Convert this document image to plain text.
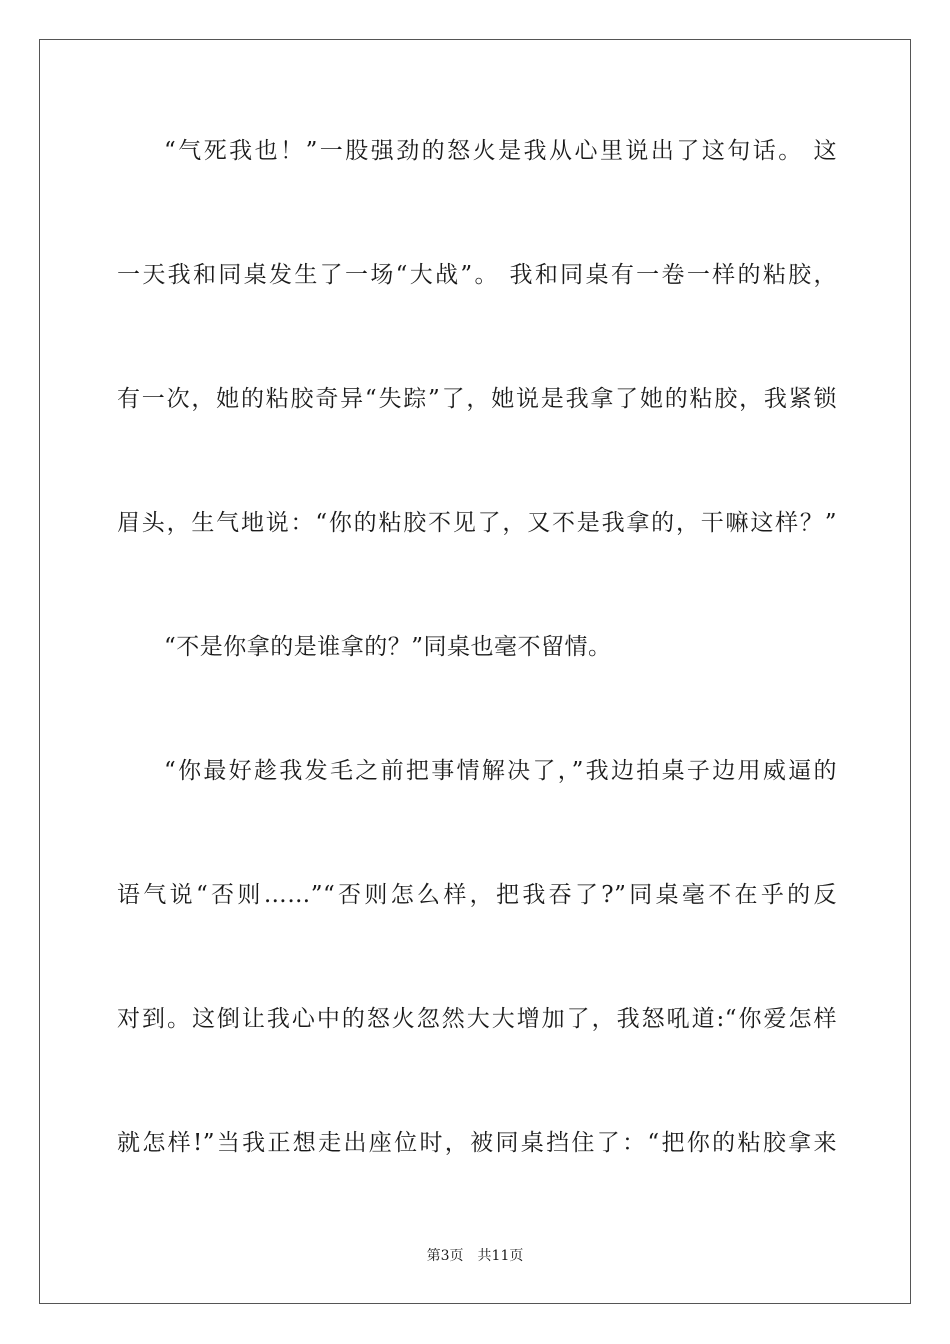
“气死我也！”一股强劲的怒火是我从心里说出了这句话。 这
一天我和同桌发生了一场“大战”。 我和同桌有一卷一样的粘胶，
有一次，她的粘胶奇异“失踪”了，她说是我拿了她的粘胶，我紧锁
眉头，生气地说：“你的粘胶不见了，又不是我拿的，干嘛这样？”
“不是你拿的是谁拿的？”同桌也毫不留情。
“你最好趁我发毛之前把事情解决了，”我边拍桌子边用威逼的
语气说“否则……”“否则怎么样，把我吞了?”同桌毫不在乎的反
对到。这倒让我心中的怒火忽然大大增加了，我怒吼道:“你爱怎样
就怎样!”当我正想走出座位时，被同桌挡住了：“把你的粘胶拿来
第3页 共11页
